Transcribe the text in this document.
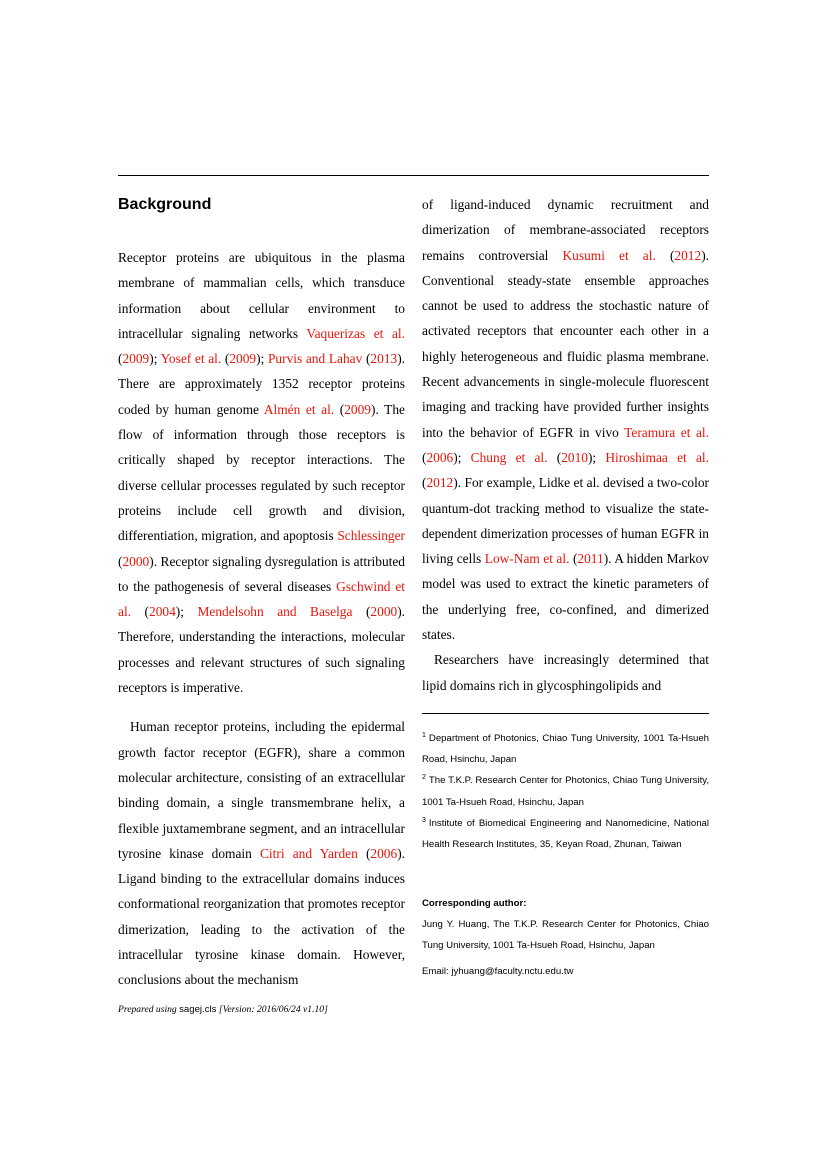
Background

Receptor proteins are ubiquitous in the plasma membrane of mammalian cells, which transduce information about cellular environment to intracellular signaling networks Vaquerizas et al. (2009); Yosef et al. (2009); Purvis and Lahav (2013). There are approximately 1352 receptor proteins coded by human genome Almén et al. (2009). The flow of information through those receptors is critically shaped by receptor interactions. The diverse cellular processes regulated by such receptor proteins include cell growth and division, differentiation, migration, and apoptosis Schlessinger (2000). Receptor signaling dysregulation is attributed to the pathogenesis of several diseases Gschwind et al. (2004); Mendelsohn and Baselga (2000). Therefore, understanding the interactions, molecular processes and relevant structures of such signaling receptors is imperative.

Human receptor proteins, including the epidermal growth factor receptor (EGFR), share a common molecular architecture, consisting of an extracellular binding domain, a single transmembrane helix, a flexible juxtamembrane segment, and an intracellular tyrosine kinase domain Citri and Yarden (2006). Ligand binding to the extracellular domains induces conformational reorganization that promotes receptor dimerization, leading to the activation of the intracellular tyrosine kinase domain. However, conclusions about the mechanism

of ligand-induced dynamic recruitment and dimerization of membrane-associated receptors remains controversial Kusumi et al. (2012). Conventional steady-state ensemble approaches cannot be used to address the stochastic nature of activated receptors that encounter each other in a highly heterogeneous and fluidic plasma membrane. Recent advancements in single-molecule fluorescent imaging and tracking have provided further insights into the behavior of EGFR in vivo Teramura et al. (2006); Chung et al. (2010); Hiroshimaa et al. (2012). For example, Lidke et al. devised a two-color quantum-dot tracking method to visualize the state-dependent dimerization processes of human EGFR in living cells Low-Nam et al. (2011). A hidden Markov model was used to extract the kinetic parameters of the underlying free, co-confined, and dimerized states.

Researchers have increasingly determined that lipid domains rich in glycosphingolipids and

$^1$ Department of Photonics, Chiao Tung University, 1001 Ta-Hsueh Road, Hsinchu, Japan

$^2$ The T.K.P. Research Center for Photonics, Chiao Tung University, 1001 Ta-Hsueh Road, Hsinchu, Japan

$^3$ Institute of Biomedical Engineering and Nanomedicine, National Health Research Institutes, 35, Keyan Road, Zhunan, Taiwan

Corresponding author:

Jung Y. Huang, The T.K.P. Research Center for Photonics, Chiao Tung University, 1001 Ta-Hsueh Road, Hsinchu, Japan

Email: jyhuang@faculty.nctu.edu.tw

Prepared using sagej.cls [Version: 2016/06/24 v1.10]
